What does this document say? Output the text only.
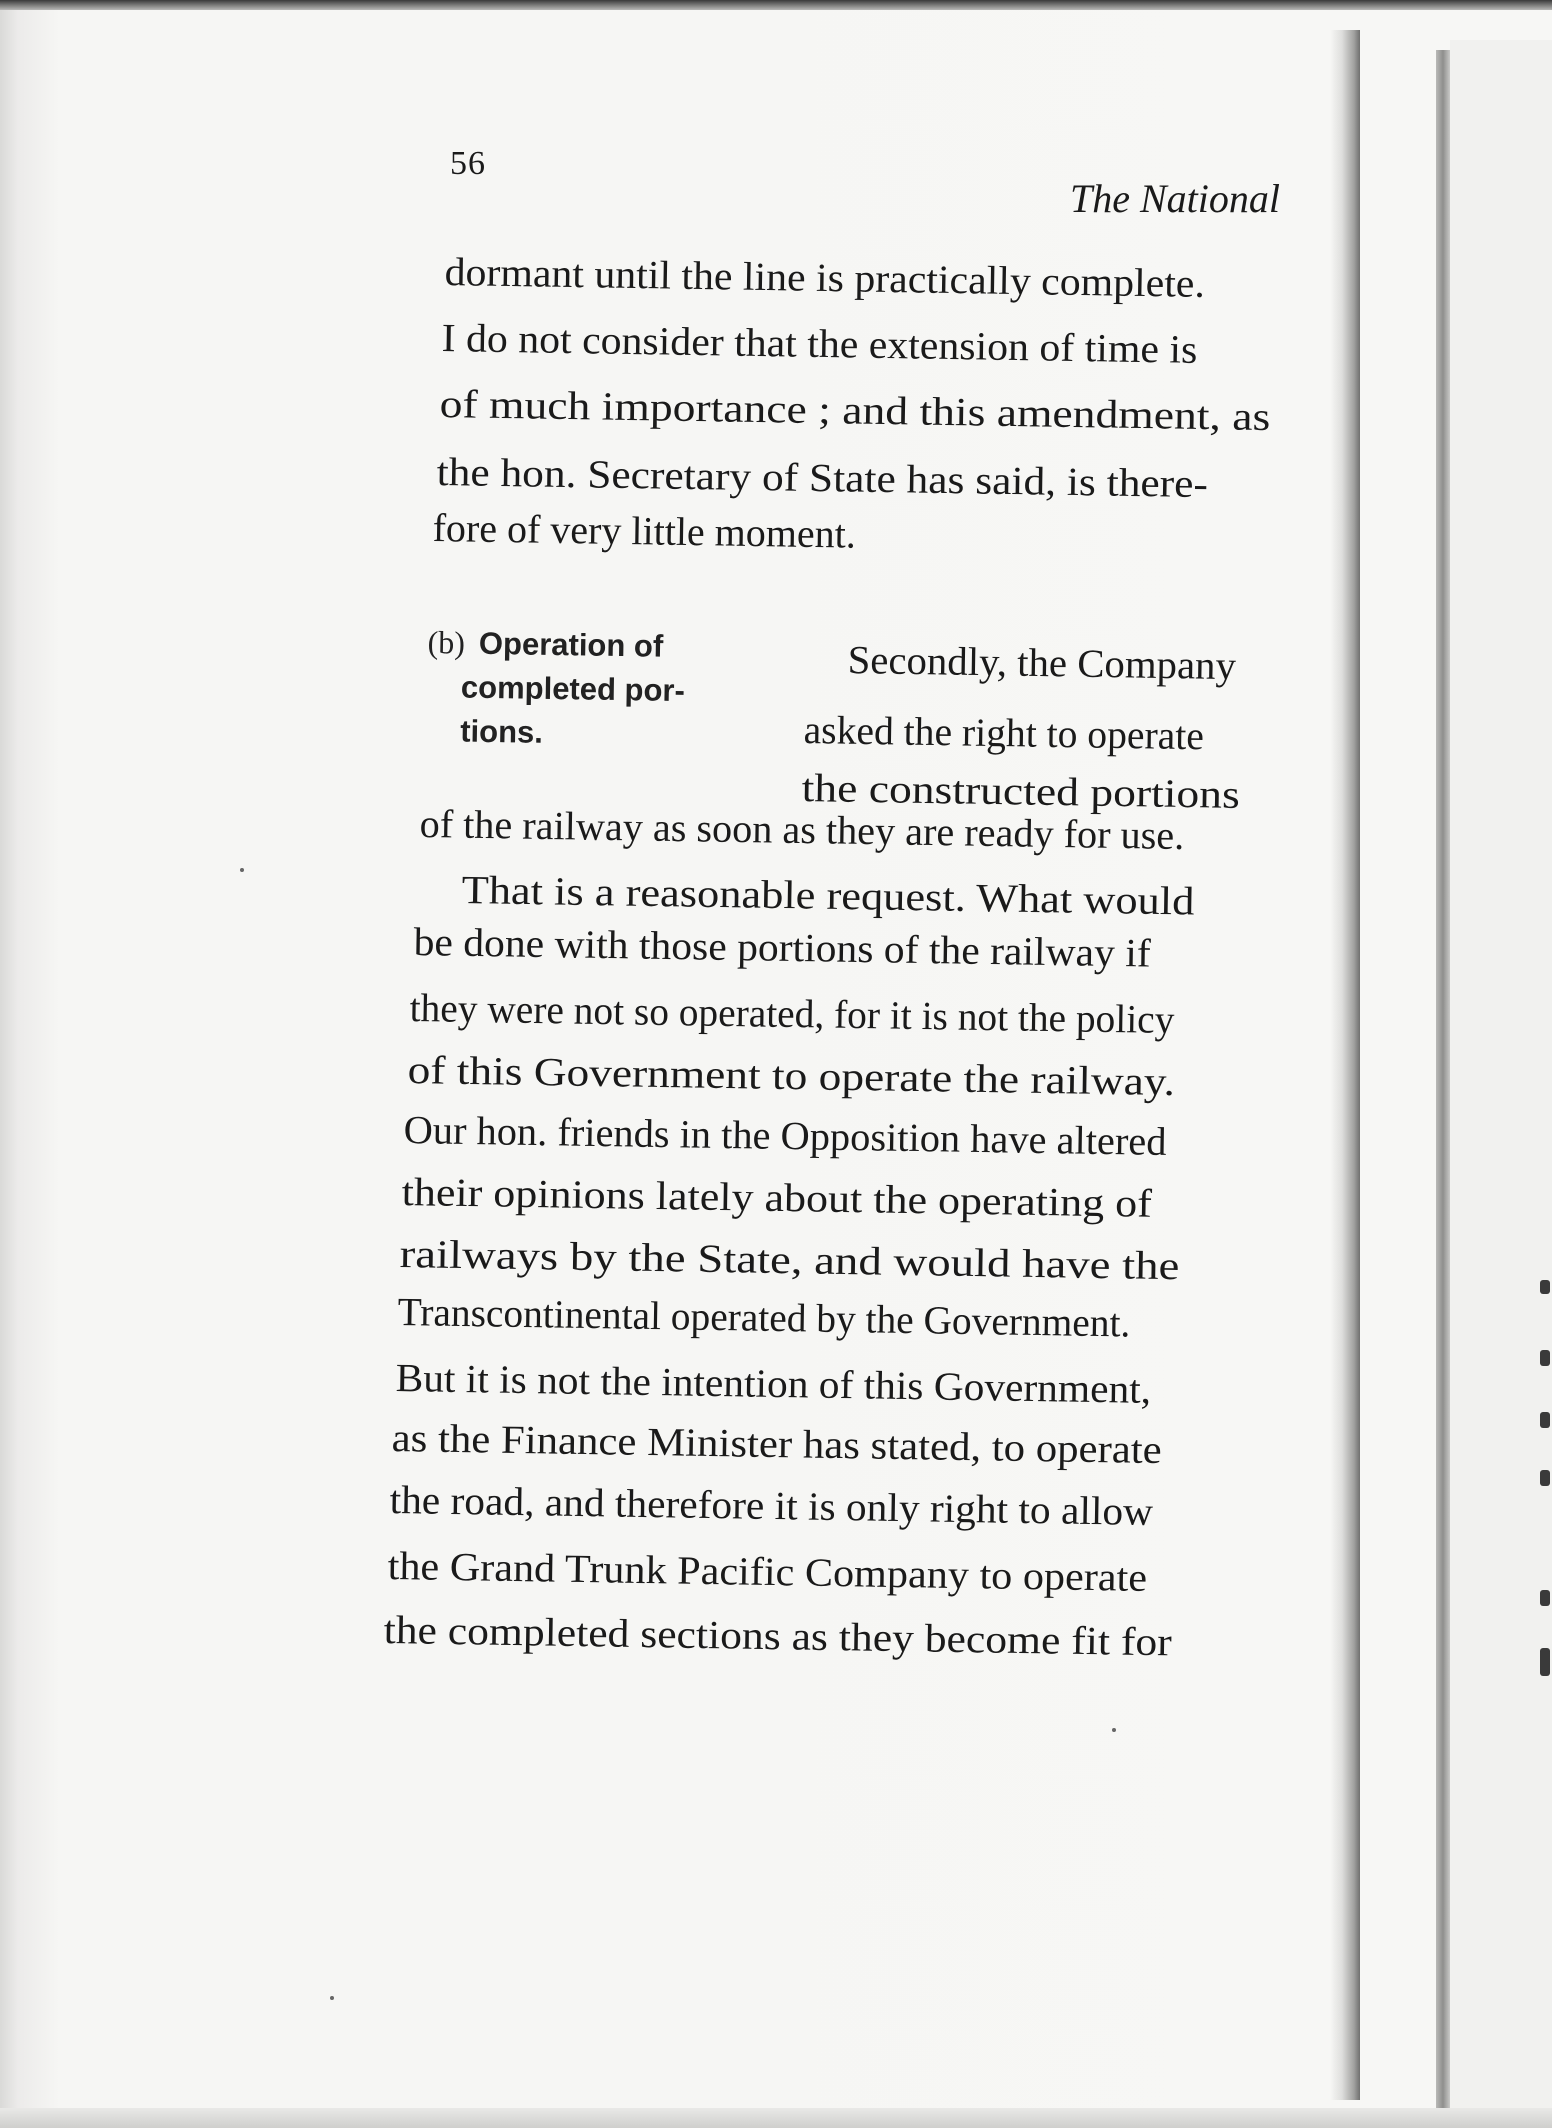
56

The National

dormant until the line is practically complete.

I do not consider that the extension of time is

of much importance ; and this amendment, as

the hon. Secretary of State has said, is there-

fore of very little moment.

(b) Operation of
completed por-
tions.

Secondly, the Company

asked the right to operate

the constructed portions

of the railway as soon as they are ready for use.

That is a reasonable request. What would

be done with those portions of the railway if

they were not so operated, for it is not the policy

of this Government to operate the railway.

Our hon. friends in the Opposition have altered

their opinions lately about the operating of

railways by the State, and would have the

Transcontinental operated by the Government.

But it is not the intention of this Government,

as the Finance Minister has stated, to operate

the road, and therefore it is only right to allow

the Grand Trunk Pacific Company to operate

the completed sections as they become fit for
